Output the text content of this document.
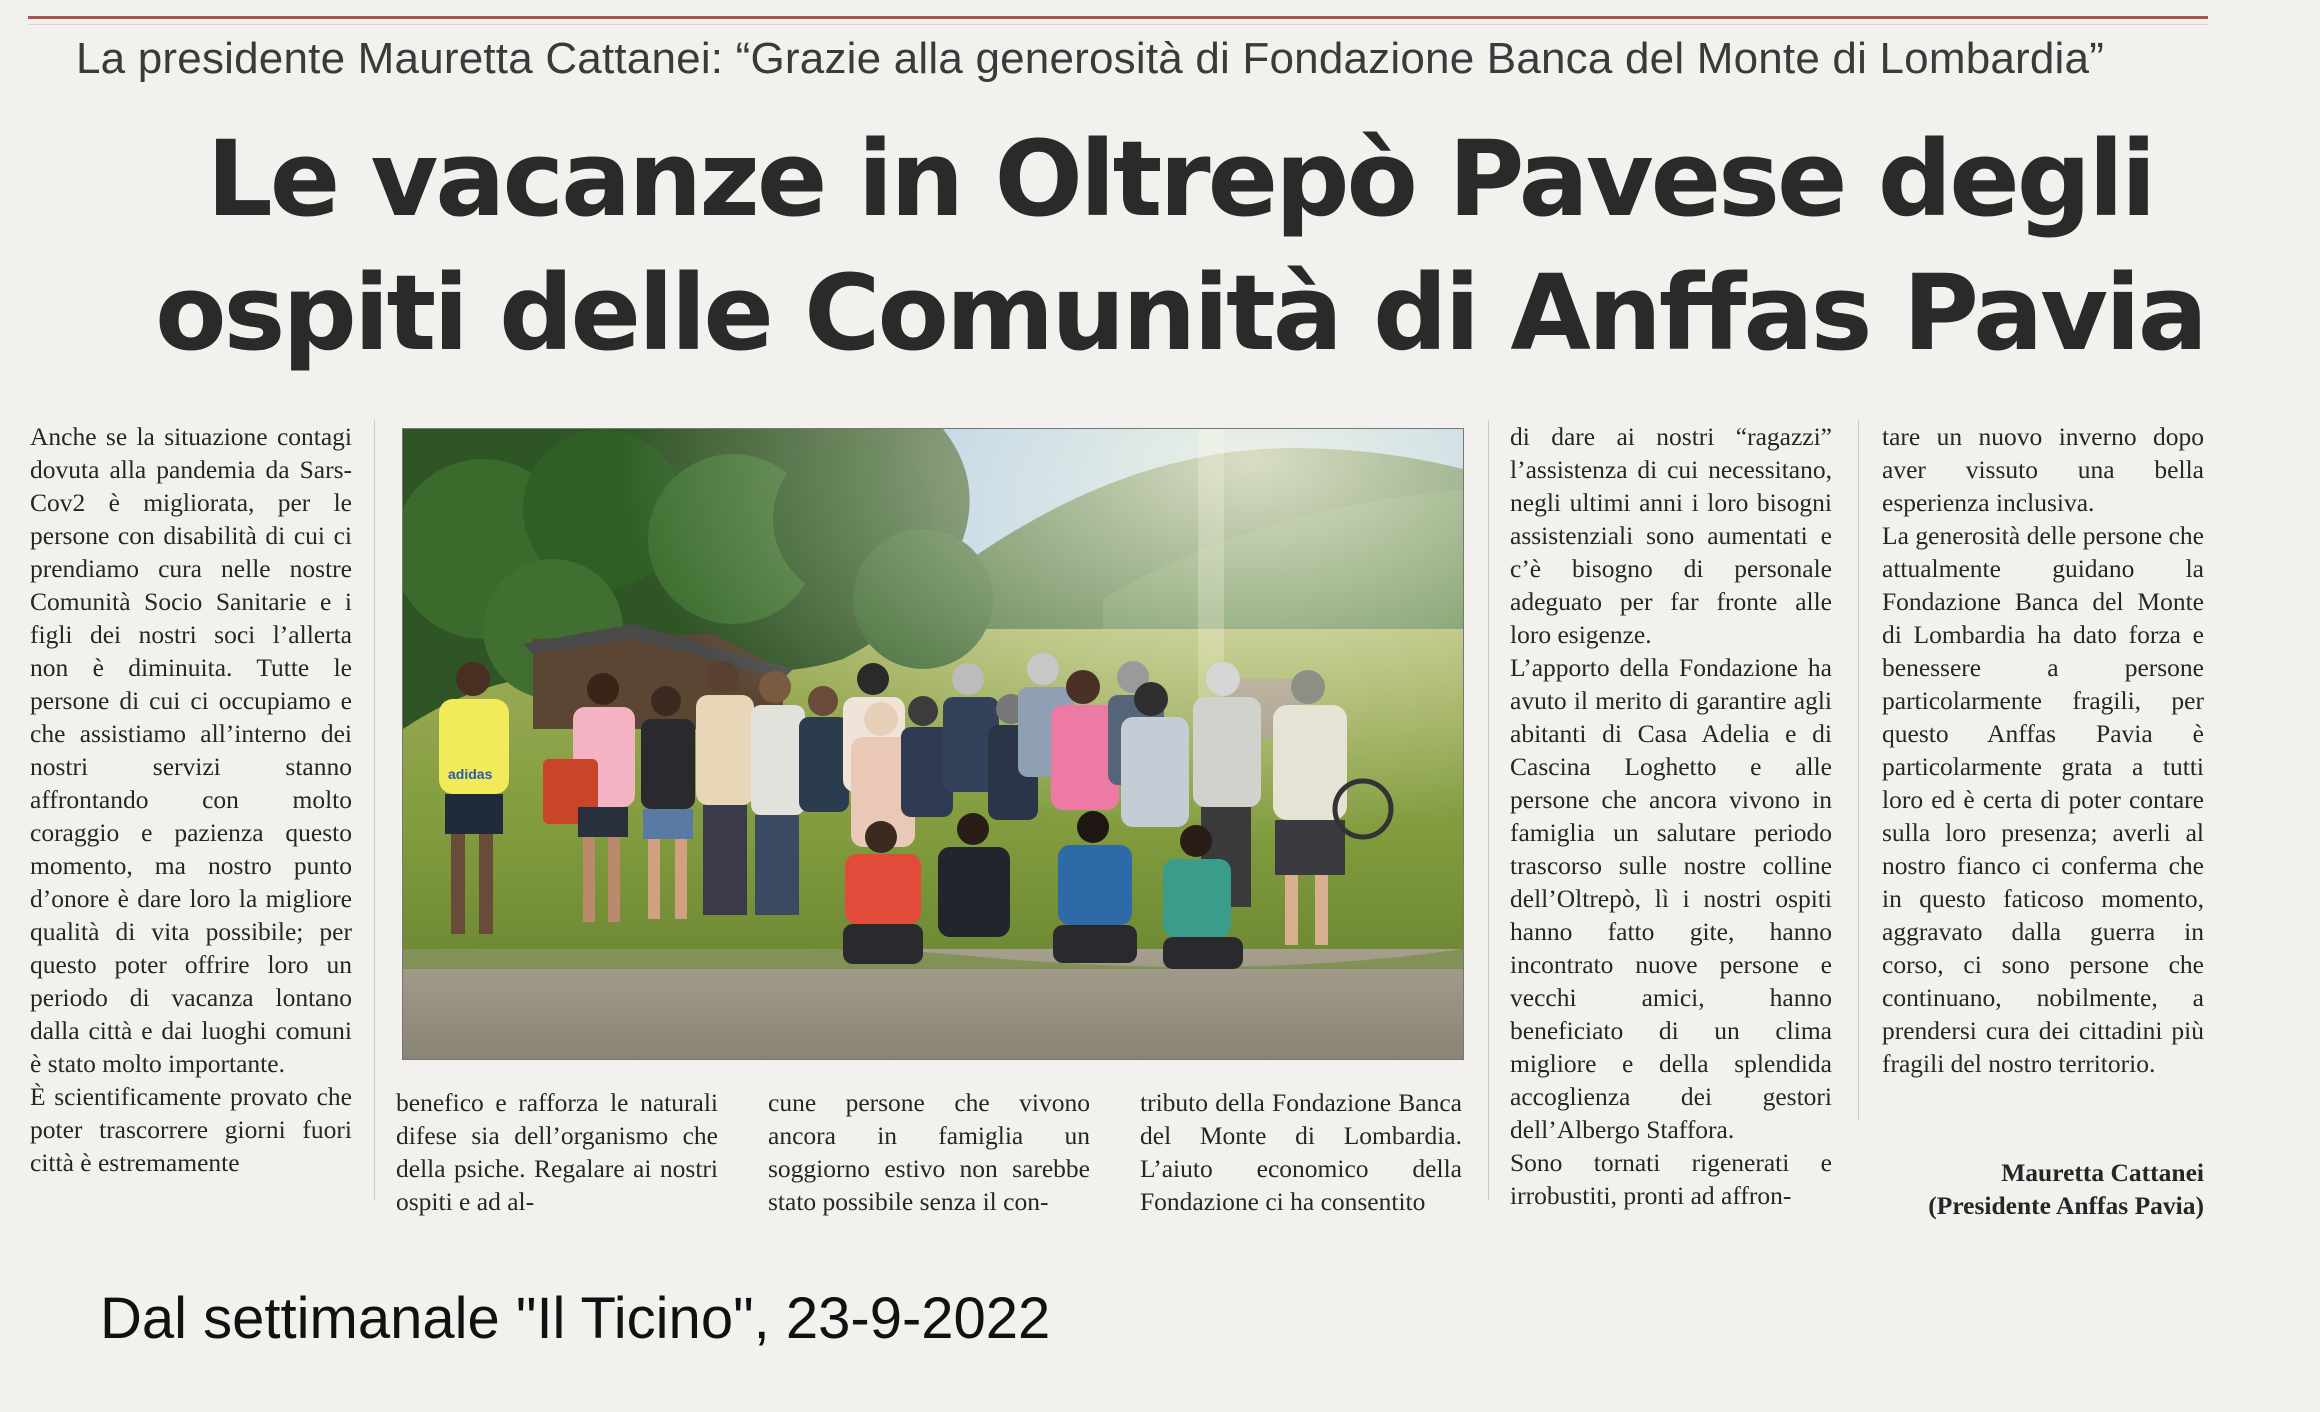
La presidente Mauretta Cattanei: “Grazie alla generosità di Fondazione Banca del Monte di Lombardia”
Le vacanze in Oltrepò Pavese degli
ospiti delle Comunità di Anffas Pavia

Anche se la situazione contagi dovuta alla pandemia da Sars-Cov2 è migliorata, per le persone con disabilità di cui ci prendiamo cura nelle nostre Comunità Socio Sanitarie e i figli dei nostri soci l’allerta non è diminuita. Tutte le persone di cui ci occupiamo e che assistiamo all’interno dei nostri servizi stanno affrontando con molto coraggio e pazienza questo momento, ma nostro punto d’onore è dare loro la migliore qualità di vita possibile; per questo poter offrire loro un periodo di vacanza lontano dalla città e dai luoghi comuni è stato molto importante.

È scientificamente provato che poter trascorrere giorni fuori città è estremamente

adidas

benefico e rafforza le naturali difese sia dell’organismo che della psiche. Regalare ai nostri ospiti e ad al-

cune persone che vivono ancora in famiglia un soggiorno estivo non sarebbe stato possibile senza il con-

tributo della Fondazione Banca del Monte di Lombardia. L’aiuto economico della Fondazione ci ha consentito

di dare ai nostri “ragazzi” l’assistenza di cui necessitano, negli ultimi anni i loro bisogni assistenziali sono aumentati e c’è bisogno di personale adeguato per far fronte alle loro esigenze.

L’apporto della Fondazione ha avuto il merito di garantire agli abitanti di Casa Adelia e di Cascina Loghetto e alle persone che ancora vivono in famiglia un salutare periodo trascorso sulle nostre colline dell’Oltrepò, lì i nostri ospiti hanno fatto gite, hanno incontrato nuove persone e vecchi amici, hanno beneficiato di un clima migliore e della splendida accoglienza dei gestori dell’Albergo Staffora.

Sono tornati rigenerati e irrobustiti, pronti ad affron-

tare un nuovo inverno dopo aver vissuto una bella esperienza inclusiva.

La generosità delle persone che attualmente guidano la Fondazione Banca del Monte di Lombardia ha dato forza e benessere a persone particolarmente fragili, per questo Anffas Pavia è particolarmente grata a tutti loro ed è certa di poter contare sulla loro presenza; averli al nostro fianco ci conferma che in questo faticoso momento, aggravato dalla guerra in corso, ci sono persone che continuano, nobilmente, a prendersi cura dei cittadini più fragili del nostro territorio.

Mauretta Cattanei
(Presidente Anffas Pavia)
Dal settimanale "Il Ticino", 23-9-2022
